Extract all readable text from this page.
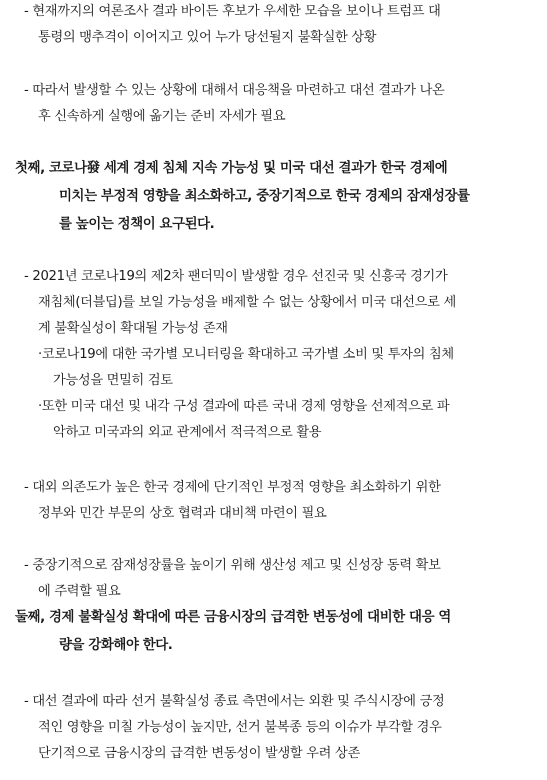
- 현재까지의 여론조사 결과 바이든 후보가 우세한 모습을 보이나 트럼프 대
통령의 맹추격이 이어지고 있어 누가 당선될지 불확실한 상황
- 따라서 발생할 수 있는 상황에 대해서 대응책을 마련하고 대선 결과가 나온
후 신속하게 실행에 옮기는 준비 자세가 필요
첫째, 코로나發 세계 경제 침체 지속 가능성 및 미국 대선 결과가 한국 경제에
미치는 부정적 영향을 최소화하고, 중장기적으로 한국 경제의 잠재성장률
를 높이는 정책이 요구된다.
- 2021년 코로나19의 제2차 팬더믹이 발생할 경우 선진국 및 신흥국 경기가
재침체(더블딥)를 보일 가능성을 배제할 수 없는 상황에서 미국 대선으로 세
계 불확실성이 확대될 가능성 존재
·코로나19에 대한 국가별 모니터링을 확대하고 국가별 소비 및 투자의 침체
가능성을 면밀히 검토
·또한 미국 대선 및 내각 구성 결과에 따른 국내 경제 영향을 선제적으로 파
악하고 미국과의 외교 관계에서 적극적으로 활용
- 대외 의존도가 높은 한국 경제에 단기적인 부정적 영향을 최소화하기 위한
정부와 민간 부문의 상호 협력과 대비책 마련이 필요
- 중장기적으로 잠재성장률을 높이기 위해 생산성 제고 및 신성장 동력 확보
에 주력할 필요
둘째, 경제 불확실성 확대에 따른 금융시장의 급격한 변동성에 대비한 대응 역
량을 강화해야 한다.
- 대선 결과에 따라 선거 불확실성 종료 측면에서는 외환 및 주식시장에 긍정
적인 영향을 미칠 가능성이 높지만, 선거 불복종 등의 이슈가 부각할 경우
단기적으로 금융시장의 급격한 변동성이 발생할 우려 상존
